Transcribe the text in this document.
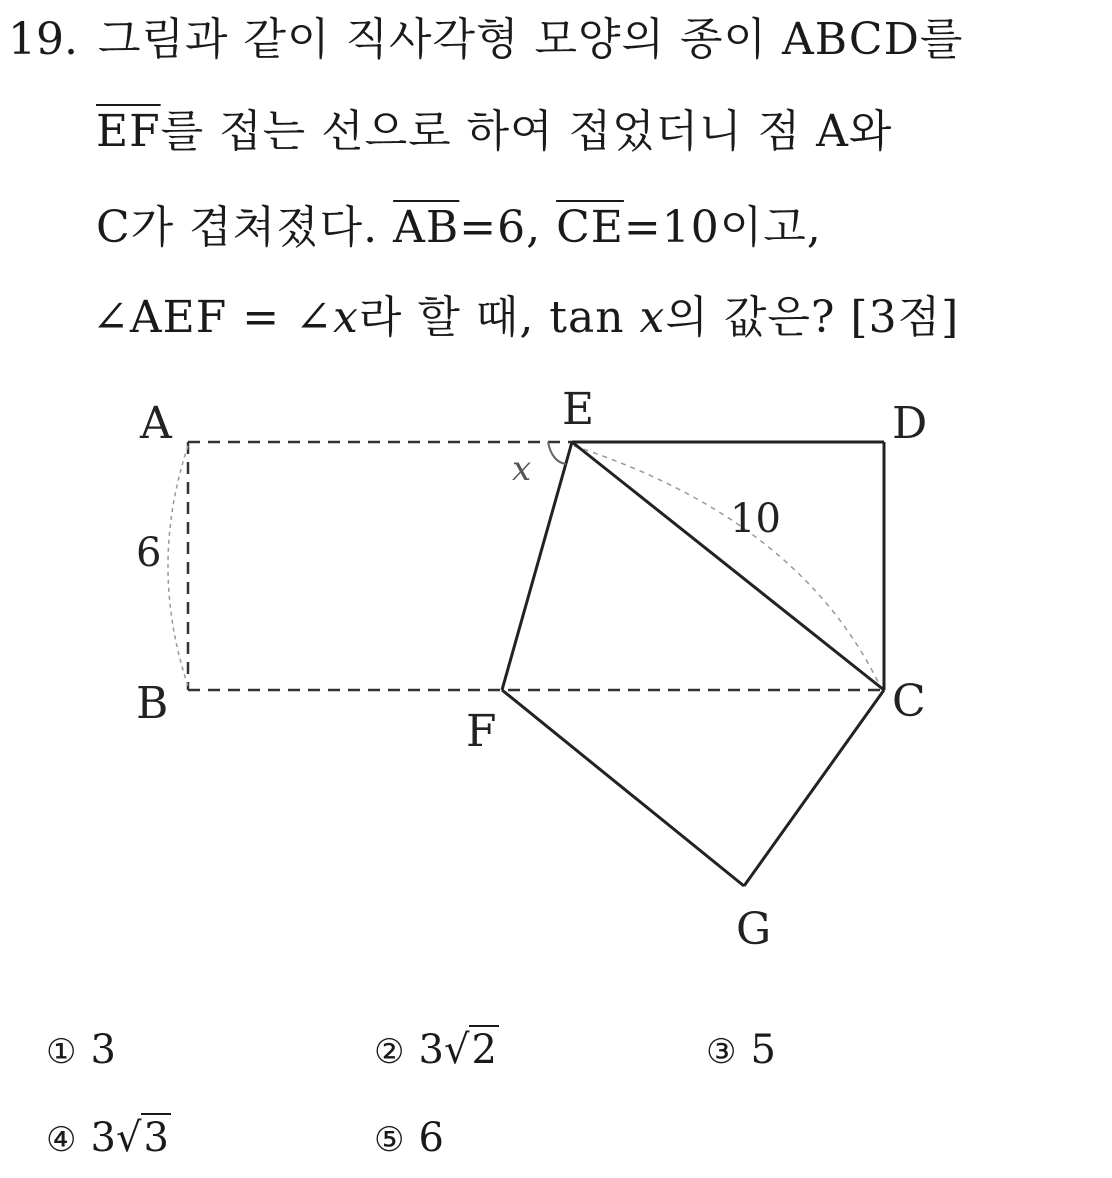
19. 그림과 같이 직사각형 모양의 종이 ABCD를
$\overline{EF}$를 접는 선으로 하여 접었더니 점 A와
C가 겹쳐졌다. $\overline{AB}=6$, $\overline{CE}=10$이고,
∠AEF = ∠x라 할 때, tan x의 값은? [3점]
A
B	C
D
E
F
G
x
6
10
① 3	② 3√2	③ 5
④ 3√3	⑤ 6
